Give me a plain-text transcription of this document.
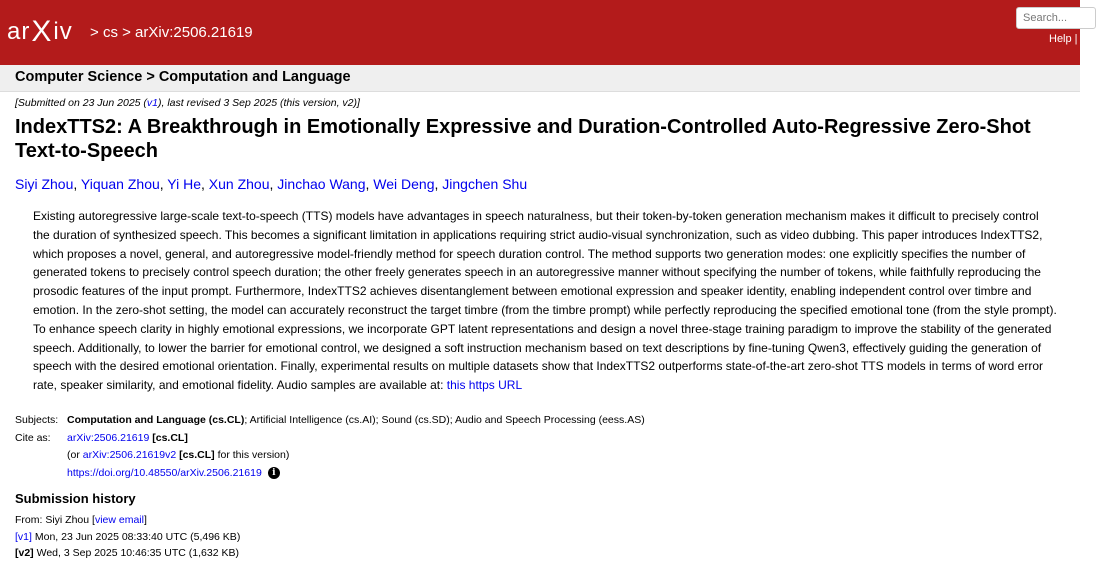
ar X iv > cs > arXiv:2506.21619
Search...
Help | A
Computer Science > Computation and Language
[Submitted on 23 Jun 2025 (v1), last revised 3 Sep 2025 (this version, v2)]
IndexTTS2: A Breakthrough in Emotionally Expressive and Duration-Controlled Auto-Regressive Zero-Shot Text-to-Speech
Siyi Zhou, Yiquan Zhou, Yi He, Xun Zhou, Jinchao Wang, Wei Deng, Jingchen Shu
Existing autoregressive large-scale text-to-speech (TTS) models have advantages in speech naturalness, but their token-by-token generation mechanism makes it difficult to precisely control the duration of synthesized speech. This becomes a significant limitation in applications requiring strict audio-visual synchronization, such as video dubbing. This paper introduces IndexTTS2, which proposes a novel, general, and autoregressive model-friendly method for speech duration control. The method supports two generation modes: one explicitly specifies the number of generated tokens to precisely control speech duration; the other freely generates speech in an autoregressive manner without specifying the number of tokens, while faithfully reproducing the prosodic features of the input prompt. Furthermore, IndexTTS2 achieves disentanglement between emotional expression and speaker identity, enabling independent control over timbre and emotion. In the zero-shot setting, the model can accurately reconstruct the target timbre (from the timbre prompt) while perfectly reproducing the specified emotional tone (from the style prompt). To enhance speech clarity in highly emotional expressions, we incorporate GPT latent representations and design a novel three-stage training paradigm to improve the stability of the generated speech. Additionally, to lower the barrier for emotional control, we designed a soft instruction mechanism based on text descriptions by fine-tuning Qwen3, effectively guiding the generation of speech with the desired emotional orientation. Finally, experimental results on multiple datasets show that IndexTTS2 outperforms state-of-the-art zero-shot TTS models in terms of word error rate, speaker similarity, and emotional fidelity. Audio samples are available at: this https URL
Subjects: Computation and Language (cs.CL); Artificial Intelligence (cs.AI); Sound (cs.SD); Audio and Speech Processing (eess.AS)
Cite as:	arXiv:2506.21619 [cs.CL]
(or arXiv:2506.21619v2 [cs.CL] for this version)
https://doi.org/10.48550/arXiv.2506.21619 i
Submission history
From: Siyi Zhou [view email]
[v1] Mon, 23 Jun 2025 08:33:40 UTC (5,496 KB)
[v2] Wed, 3 Sep 2025 10:46:35 UTC (1,632 KB)
